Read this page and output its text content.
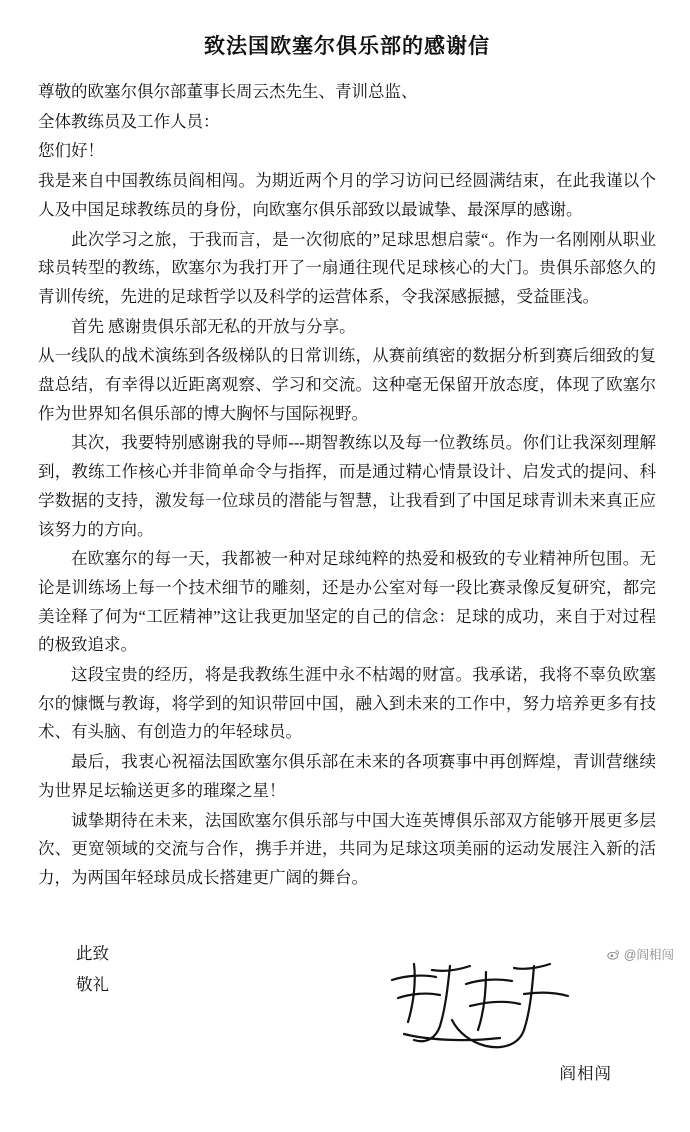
致法国欧塞尔俱乐部的感谢信

尊敬的欧塞尔俱尔部董事长周云杰先生、青训总监、

全体教练员及工作人员：

您们好！

我是来自中国教练员阎相闯。为期近两个月的学习访问已经圆满结束，在此我谨以个人及中国足球教练员的身份，向欧塞尔俱乐部致以最诚挚、最深厚的感谢。

此次学习之旅，于我而言，是一次彻底的”足球思想启蒙“。作为一名刚刚从职业球员转型的教练，欧塞尔为我打开了一扇通往现代足球核心的大门。贵俱乐部悠久的青训传统，先进的足球哲学以及科学的运营体系，令我深感振撼，受益匪浅。

首先 感谢贵俱乐部无私的开放与分享。

从一线队的战术演练到各级梯队的日常训练，从赛前缜密的数据分析到赛后细致的复盘总结，有幸得以近距离观察、学习和交流。这种毫无保留开放态度，体现了欧塞尔作为世界知名俱乐部的博大胸怀与国际视野。

其次，我要特别感谢我的导师---期智教练以及每一位教练员。你们让我深刻理解到，教练工作核心并非简单命令与指挥，而是通过精心情景设计、启发式的提问、科学数据的支持，激发每一位球员的潜能与智慧，让我看到了中国足球青训未来真正应该努力的方向。

在欧塞尔的每一天，我都被一种对足球纯粹的热爱和极致的专业精神所包围。无论是训练场上每一个技术细节的雕刻，还是办公室对每一段比赛录像反复研究，都完美诠释了何为“工匠精神”这让我更加坚定的自己的信念：足球的成功，来自于对过程的极致追求。

这段宝贵的经历，将是我教练生涯中永不枯竭的财富。我承诺，我将不辜负欧塞尔的慷慨与教诲，将学到的知识带回中国，融入到未来的工作中，努力培养更多有技术、有头脑、有创造力的年轻球员。

最后，我衷心祝福法国欧塞尔俱乐部在未来的各项赛事中再创辉煌，青训营继续为世界足坛输送更多的璀璨之星！

诚挚期待在未来，法国欧塞尔俱乐部与中国大连英博俱乐部双方能够开展更多层次、更宽领域的交流与合作，携手并进，共同为足球这项美丽的运动发展注入新的活力，为两国年轻球员成长搭建更广阔的舞台。

此致
敬礼
阎相闯
@阎相闯
